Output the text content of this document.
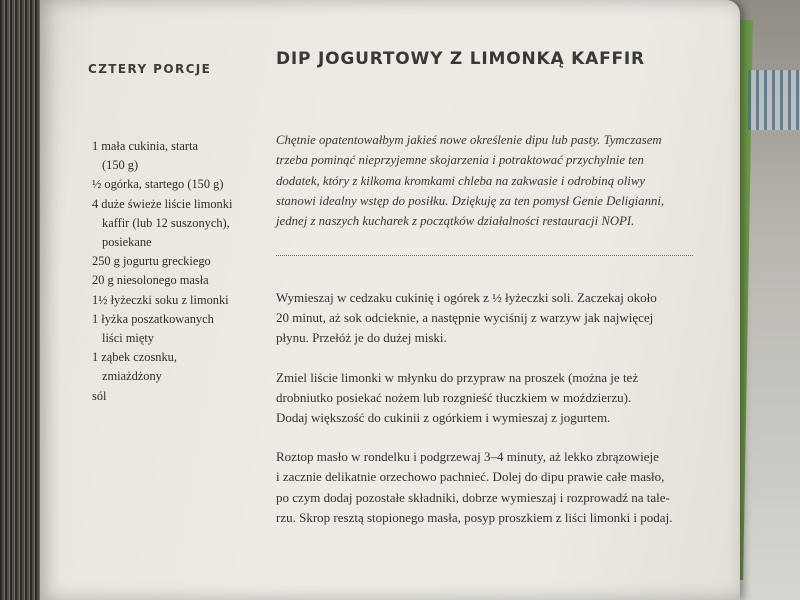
CZTERY PORCJE	DIP JOGURTOWY Z LIMONKĄ KAFFIR
1 mała cukinia, starta
(150 g)
½ ogórka, startego (150 g)
4 duże świeże liście limonki
kaffir (lub 12 suszonych),
posiekane
250 g jogurtu greckiego
20 g niesolonego masła
1½ łyżeczki soku z limonki
1 łyżka poszatkowanych
liści mięty
1 ząbek czosnku,
zmiażdżony
sól
Chętnie opatentowałbym jakieś nowe określenie dipu lub pasty. Tymczasem
trzeba pominąć nieprzyjemne skojarzenia i potraktować przychylnie ten
dodatek, który z kilkoma kromkami chleba na zakwasie i odrobiną oliwy
stanowi idealny wstęp do posiłku. Dziękuję za ten pomysł Genie Deligianni,
jednej z naszych kucharek z początków działalności restauracji NOPI.

Wymieszaj w cedzaku cukinię i ogórek z ½ łyżeczki soli. Zaczekaj około
20 minut, aż sok odcieknie, a następnie wyciśnij z warzyw jak najwięcej
płynu. Przełóż je do dużej miski.

Zmiel liście limonki w młynku do przypraw na proszek (można je też
drobniutko posiekać nożem lub rozgnieść tłuczkiem w moździerzu).
Dodaj większość do cukinii z ogórkiem i wymieszaj z jogurtem.

Roztop masło w rondelku i podgrzewaj 3–4 minuty, aż lekko zbrązowieje
i zacznie delikatnie orzechowo pachnieć. Dolej do dipu prawie całe masło,
po czym dodaj pozostałe składniki, dobrze wymieszaj i rozprowadź na tale-
rzu. Skrop resztą stopionego masła, posyp proszkiem z liści limonki i podaj.
